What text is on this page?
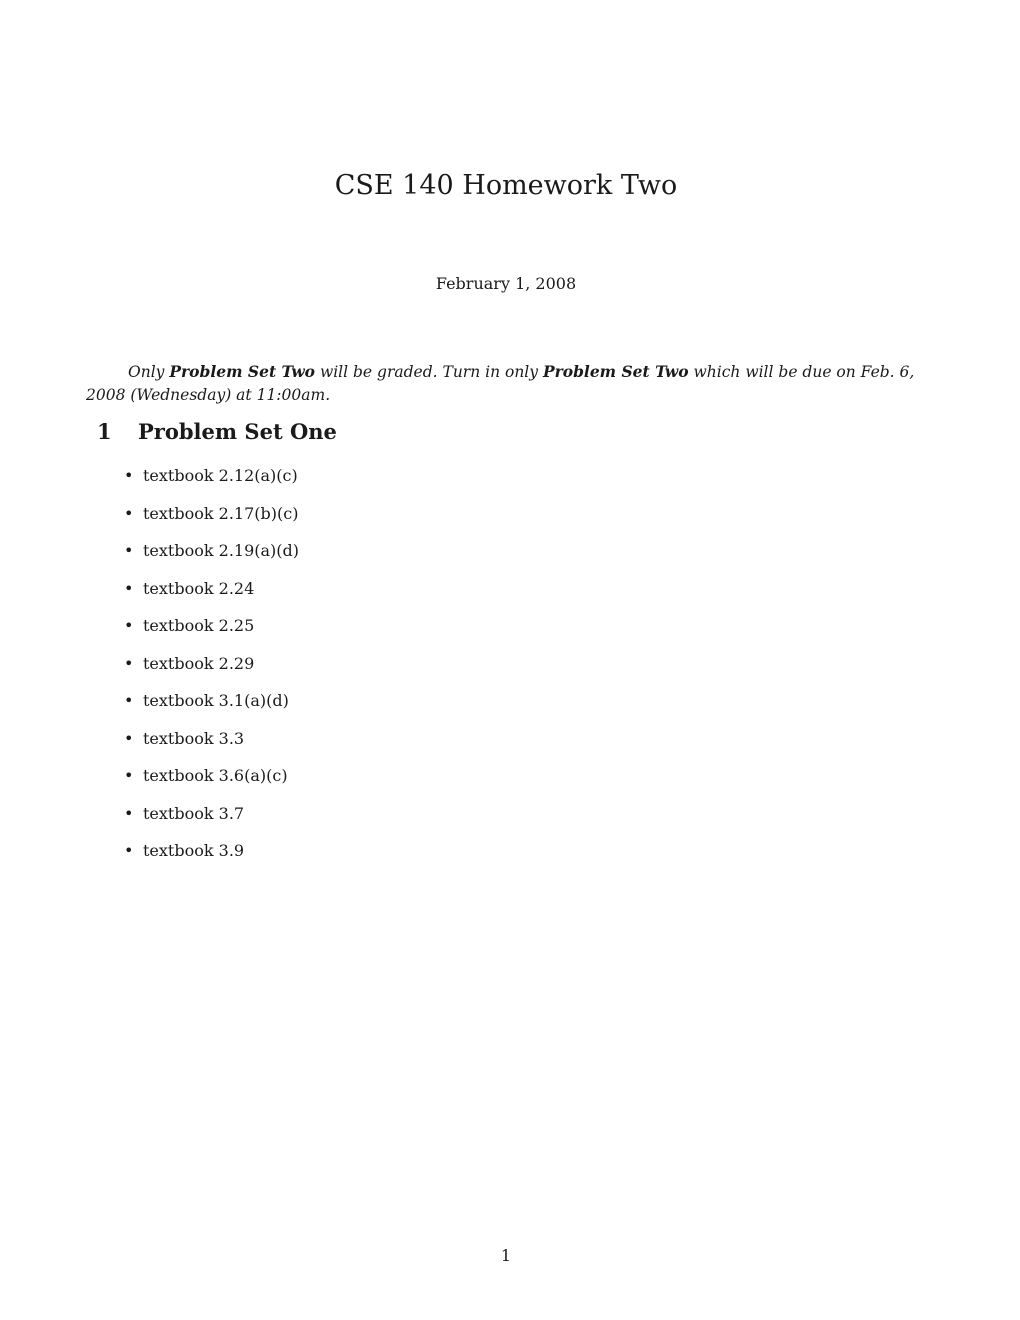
CSE 140 Homework Two
February 1, 2008

Only Problem Set Two will be graded. Turn in only Problem Set Two which will be due on Feb. 6, 2008 (Wednesday) at 11:00am.

1 Problem Set One
• textbook 2.12(a)(c)
• textbook 2.17(b)(c)
• textbook 2.19(a)(d)
• textbook 2.24
• textbook 2.25
• textbook 2.29
• textbook 3.1(a)(d)
• textbook 3.3
• textbook 3.6(a)(c)
• textbook 3.7
• textbook 3.9
1
